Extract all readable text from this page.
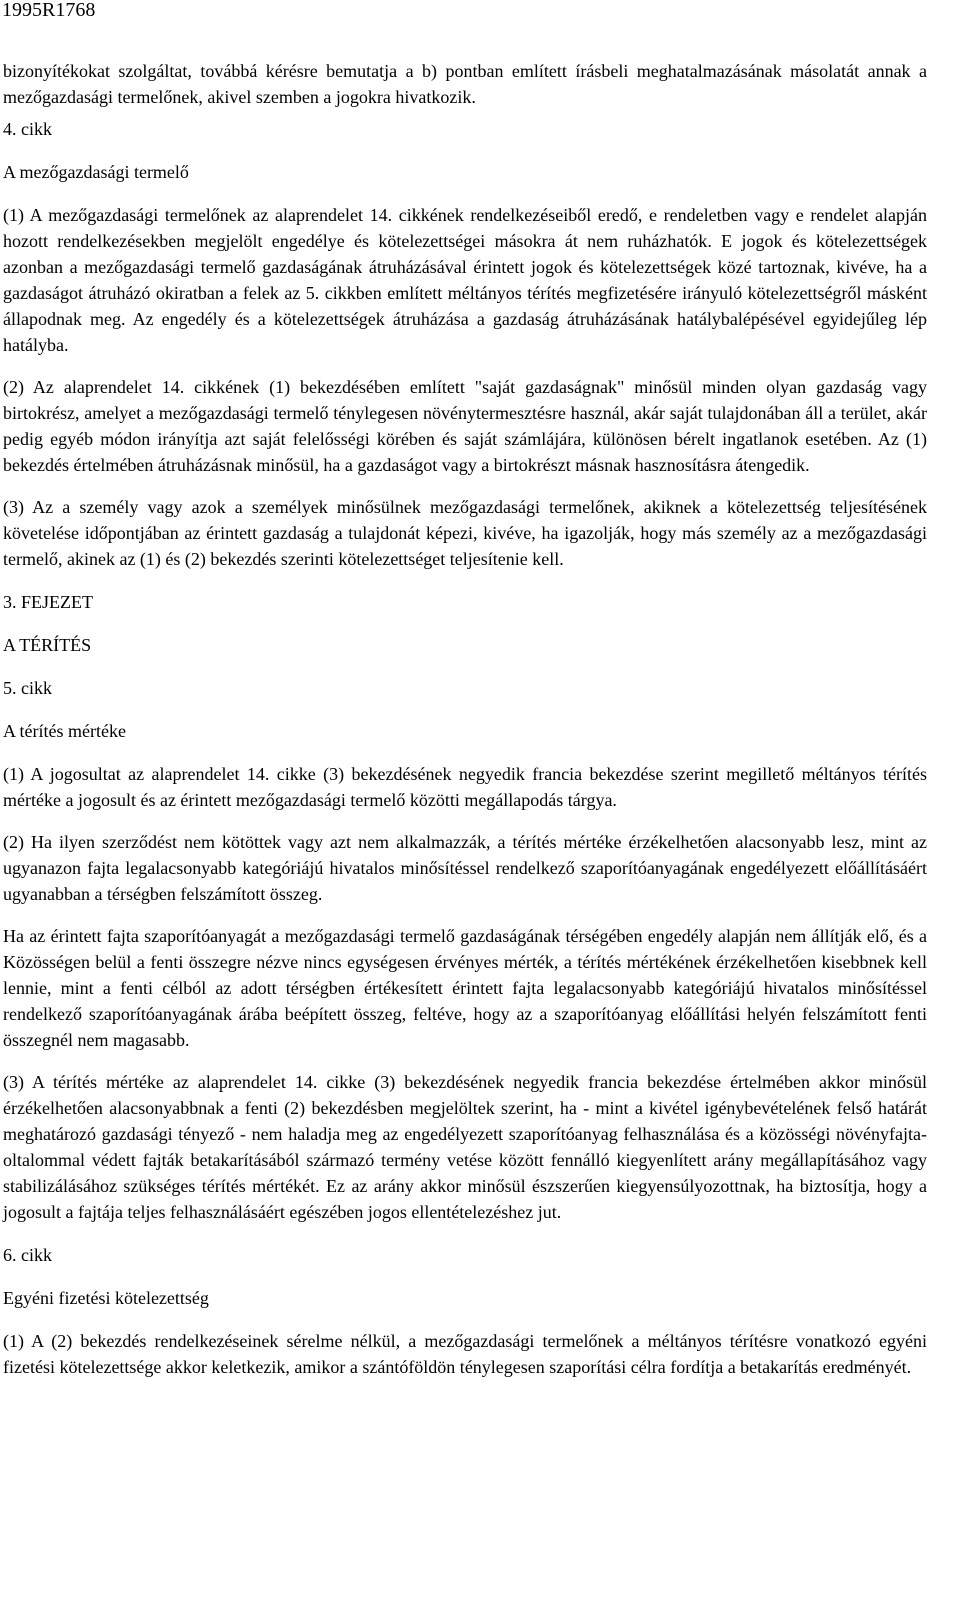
1995R1768

bizonyítékokat szolgáltat, továbbá kérésre bemutatja a b) pontban említett írásbeli meghatalmazásának másolatát annak a mezőgazdasági termelőnek, akivel szemben a jogokra hivatkozik.

4. cikk

A mezőgazdasági termelő

(1) A mezőgazdasági termelőnek az alaprendelet 14. cikkének rendelkezéseiből eredő, e rendeletben vagy e rendelet alapján hozott rendelkezésekben megjelölt engedélye és kötelezettségei másokra át nem ruházhatók. E jogok és kötelezettségek azonban a mezőgazdasági termelő gazdaságának átruházásával érintett jogok és kötelezettségek közé tartoznak, kivéve, ha a gazdaságot átruházó okiratban a felek az 5. cikkben említett méltányos térítés megfizetésére irányuló kötelezettségről másként állapodnak meg. Az engedély és a kötelezettségek átruházása a gazdaság átruházásának hatálybalépésével egyidejűleg lép hatályba.

(2) Az alaprendelet 14. cikkének (1) bekezdésében említett "saját gazdaságnak" minősül minden olyan gazdaság vagy birtokrész, amelyet a mezőgazdasági termelő ténylegesen növénytermesztésre használ, akár saját tulajdonában áll a terület, akár pedig egyéb módon irányítja azt saját felelősségi körében és saját számlájára, különösen bérelt ingatlanok esetében. Az (1) bekezdés értelmében átruházásnak minősül, ha a gazdaságot vagy a birtokrészt másnak hasznosításra átengedik.

(3) Az a személy vagy azok a személyek minősülnek mezőgazdasági termelőnek, akiknek a kötelezettség teljesítésének követelése időpontjában az érintett gazdaság a tulajdonát képezi, kivéve, ha igazolják, hogy más személy az a mezőgazdasági termelő, akinek az (1) és (2) bekezdés szerinti kötelezettséget teljesítenie kell.

3. FEJEZET

A TÉRÍTÉS

5. cikk

A térítés mértéke

(1) A jogosultat az alaprendelet 14. cikke (3) bekezdésének negyedik francia bekezdése szerint megillető méltányos térítés mértéke a jogosult és az érintett mezőgazdasági termelő közötti megállapodás tárgya.

(2) Ha ilyen szerződést nem kötöttek vagy azt nem alkalmazzák, a térítés mértéke érzékelhetően alacsonyabb lesz, mint az ugyanazon fajta legalacsonyabb kategóriájú hivatalos minősítéssel rendelkező szaporítóanyagának engedélyezett előállításáért ugyanabban a térségben felszámított összeg.

Ha az érintett fajta szaporítóanyagát a mezőgazdasági termelő gazdaságának térségében engedély alapján nem állítják elő, és a Közösségen belül a fenti összegre nézve nincs egységesen érvényes mérték, a térítés mértékének érzékelhetően kisebbnek kell lennie, mint a fenti célból az adott térségben értékesített érintett fajta legalacsonyabb kategóriájú hivatalos minősítéssel rendelkező szaporítóanyagának árába beépített összeg, feltéve, hogy az a szaporítóanyag előállítási helyén felszámított fenti összegnél nem magasabb.

(3) A térítés mértéke az alaprendelet 14. cikke (3) bekezdésének negyedik francia bekezdése értelmében akkor minősül érzékelhetően alacsonyabbnak a fenti (2) bekezdésben megjelöltek szerint, ha - mint a kivétel igénybevételének felső határát meghatározó gazdasági tényező - nem haladja meg az engedélyezett szaporítóanyag felhasználása és a közösségi növényfajta-oltalommal védett fajták betakarításából származó termény vetése között fennálló kiegyenlített arány megállapításához vagy stabilizálásához szükséges térítés mértékét. Ez az arány akkor minősül észszerűen kiegyensúlyozottnak, ha biztosítja, hogy a jogosult a fajtája teljes felhasználásáért egészében jogos ellentételezéshez jut.

6. cikk

Egyéni fizetési kötelezettség

(1) A (2) bekezdés rendelkezéseinek sérelme nélkül, a mezőgazdasági termelőnek a méltányos térítésre vonatkozó egyéni fizetési kötelezettsége akkor keletkezik, amikor a szántóföldön ténylegesen szaporítási célra fordítja a betakarítás eredményét.
